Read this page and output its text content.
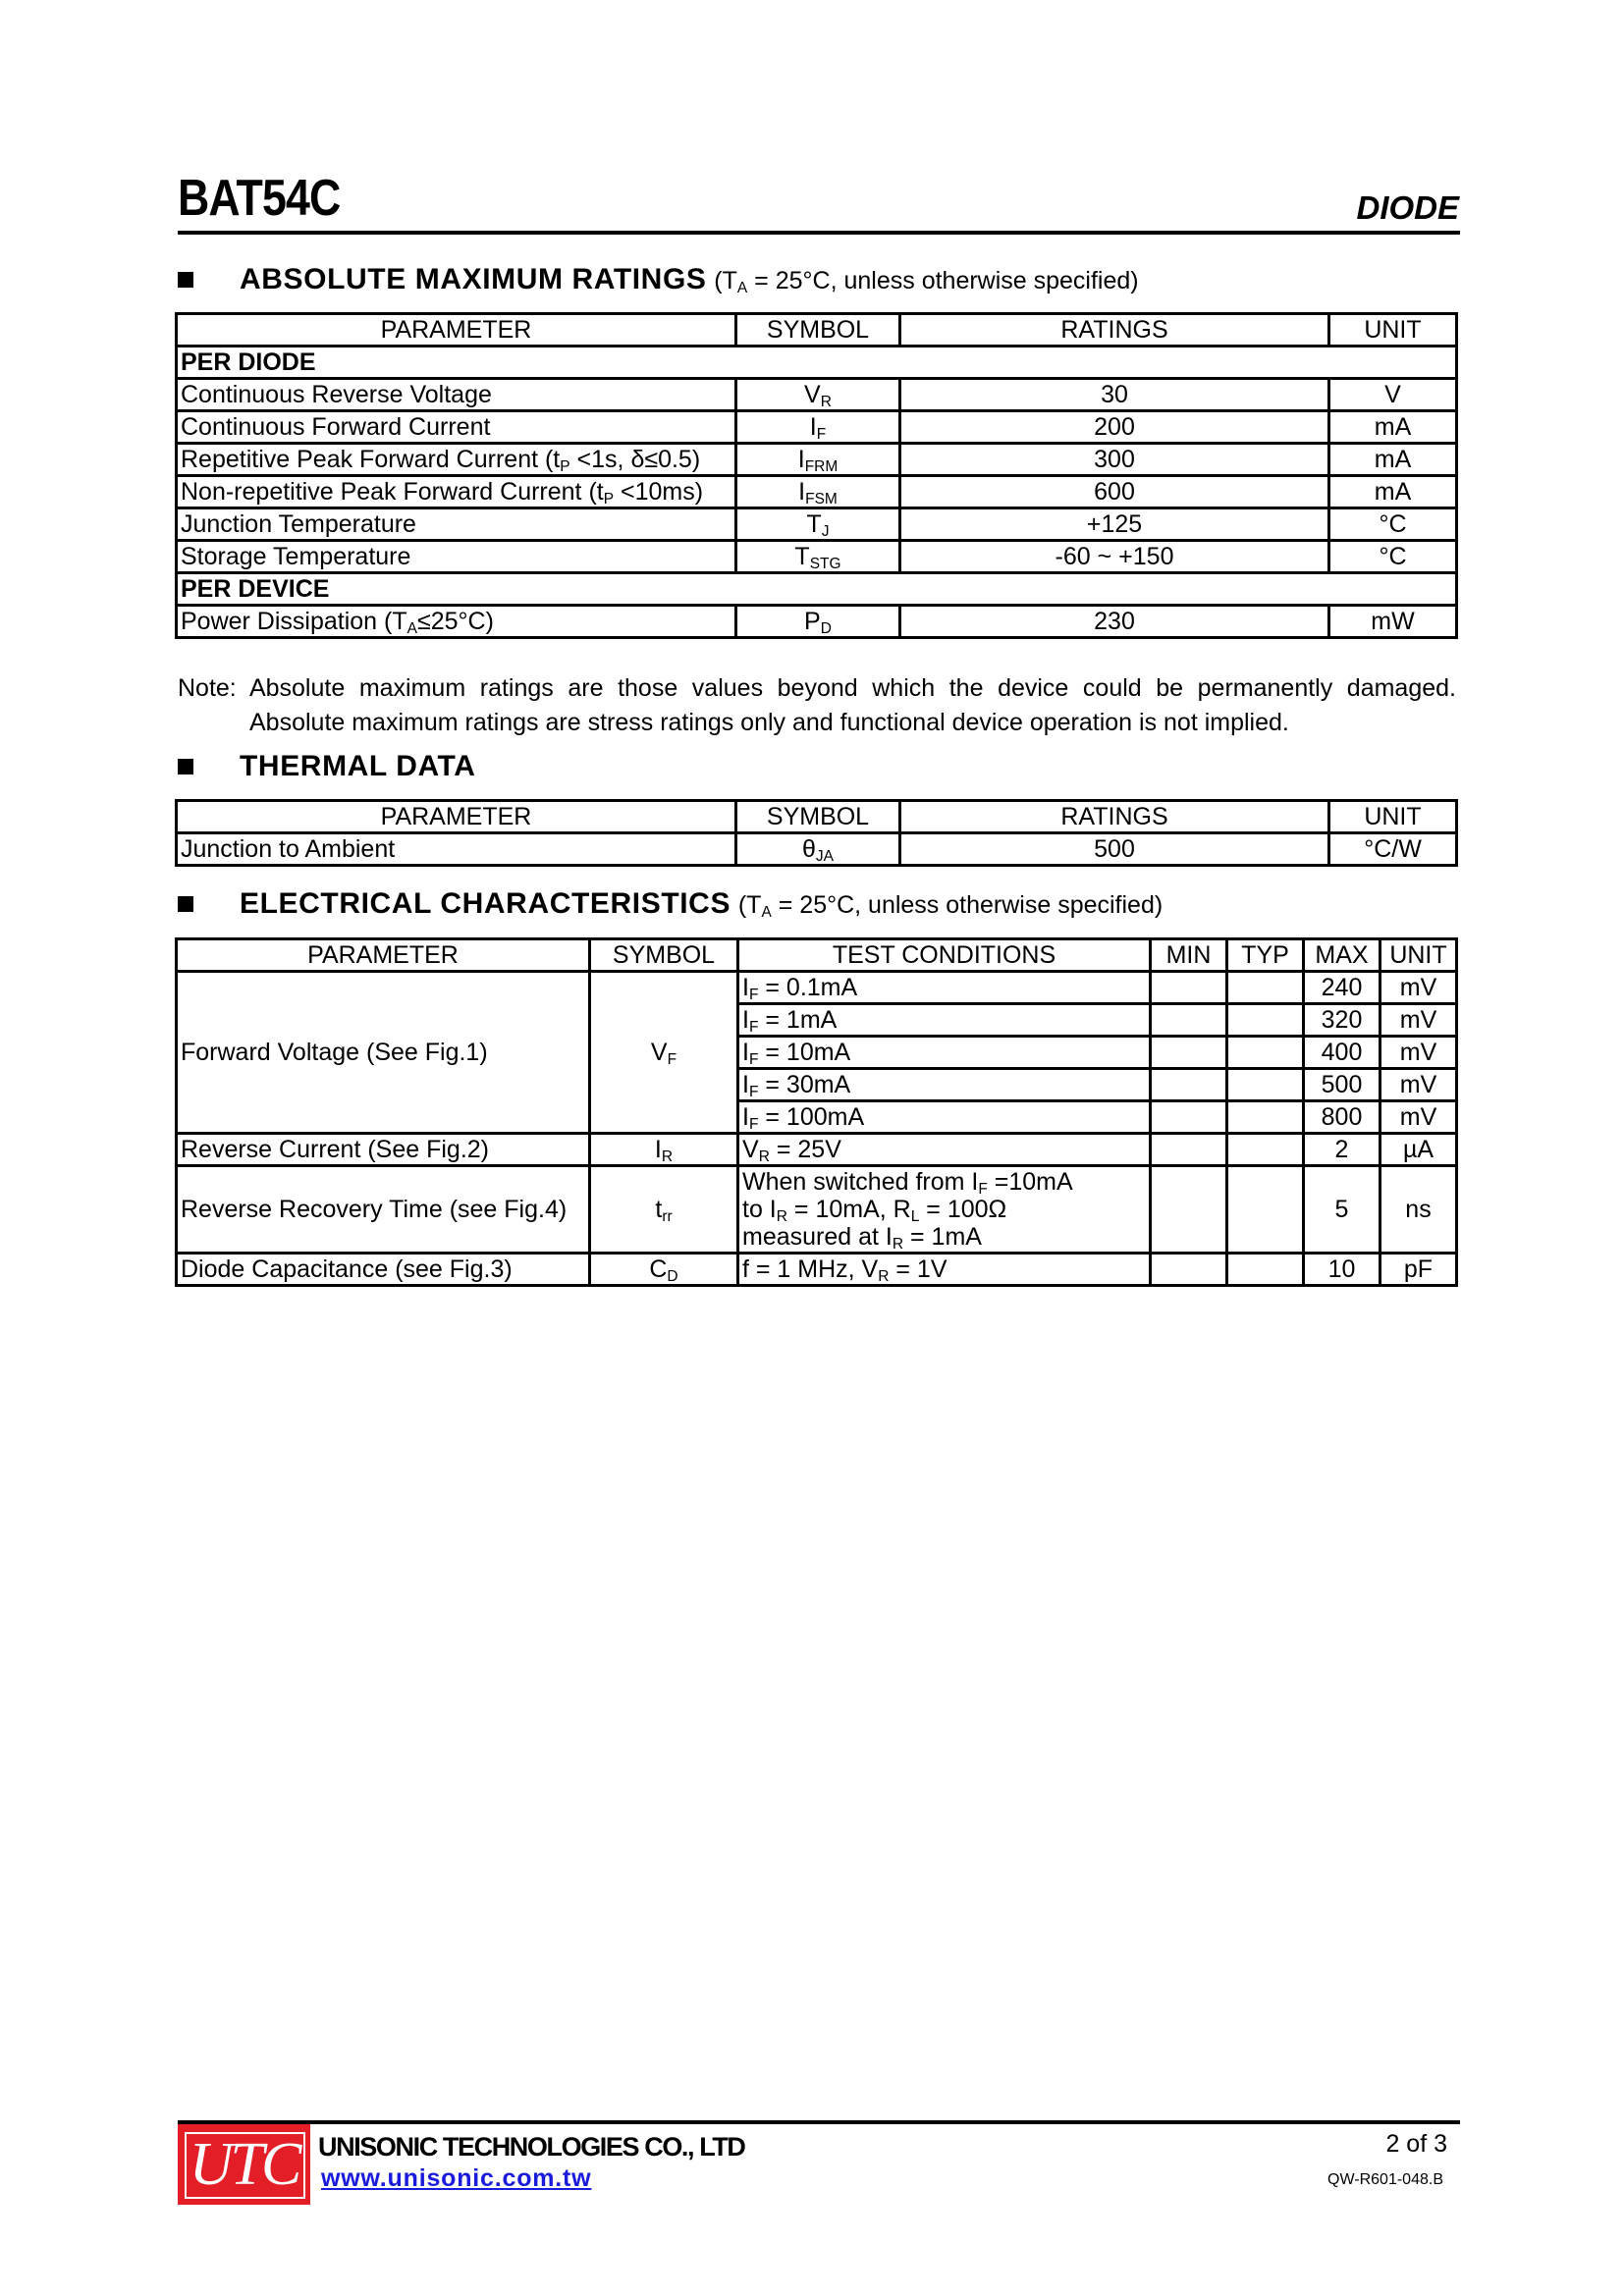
BAT54C	DIODE
ABSOLUTE MAXIMUM RATINGS ($T_A = 25^\circ C$, unless otherwise specified)
PARAMETER	SYMBOL	RATINGS	UNIT
PER DIODE			
Continuous Reverse Voltage	$V_R$	30	V
Continuous Forward Current	$I_F$	200	mA
Repetitive Peak Forward Current ($t_P <1s$, δ≤0.5)	$I_{FRM}$	300	mA
Non-repetitive Peak Forward Current $(t_P <10ms)$	$I_{FSM}$	600	mA
Junction Temperature	$T_J$	+125	°C
Storage Temperature	$T_{STG}$	-60 ~ +150	°C
PER DEVICE			
Power Dissipation $(T_A\le 25^\circ C)$	$P_D$	230	mW
Note: Absolute maximum ratings are those values beyond which the device could be permanently damaged.
Absolute maximum ratings are stress ratings only and functional device operation is not implied.
THERMAL DATA
PARAMETER	SYMBOL	RATINGS	UNIT
Junction to Ambient	$\theta_{JA}$	500	°C/W
ELECTRICAL CHARACTERISTICS ($T_A = 25^\circ C$, unless otherwise specified)
PARAMETER	SYMBOL	TEST CONDITIONS	MIN	TYP	MAX	UNIT
Forward Voltage (See Fig.1)	$V_F$	$I_F = 0.1mA$			240	mV
		$I_F = 1mA$			320	mV
		$I_F = 10mA$			400	mV
		$I_F = 30mA$			500	mV
		$I_F = 100mA$			800	mV
Reverse Current (See Fig.2)	$I_R$	$V_R = 25V$			2	µA
Reverse Recovery Time (see Fig.4)	$t_{rr}$	When switched from $I_F =10mA$
to $I_R = 10mA$, $R_L = 100\Omega$
measured at $I_R = 1mA$			5	ns
Diode Capacitance (see Fig.3)	$C_D$	f = 1 MHz, $V_R = 1V$			10	pF
UTC UNISONIC TECHNOLOGIES CO., LTD
www.unisonic.com.tw
2 of 3
QW-R601-048.B
